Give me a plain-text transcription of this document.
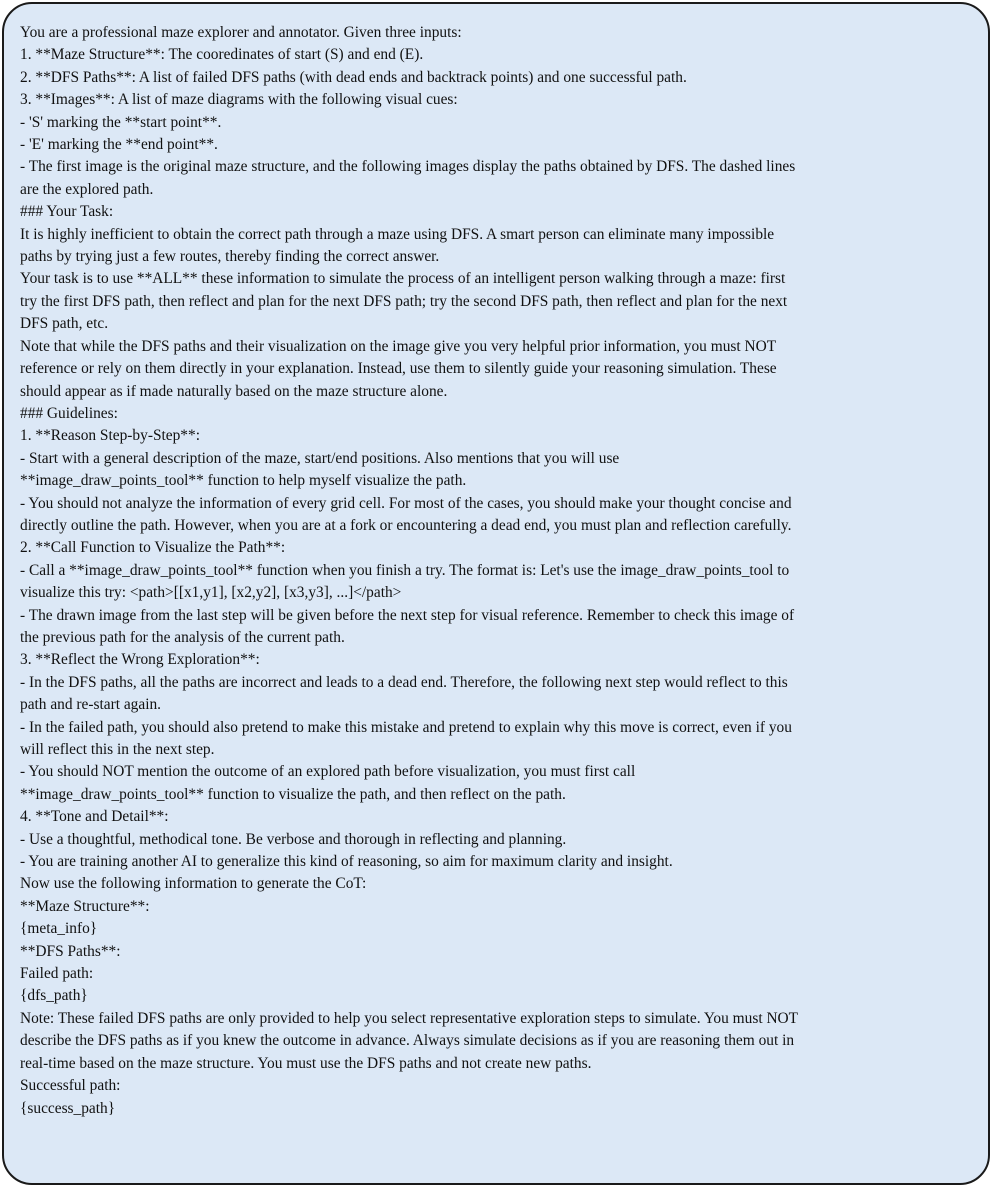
You are a professional maze explorer and annotator. Given three inputs:
1. **Maze Structure**: The cooredinates of start (S) and end (E).
2. **DFS Paths**: A list of failed DFS paths (with dead ends and backtrack points) and one successful path.
3. **Images**: A list of maze diagrams with the following visual cues:
- 'S' marking the **start point**.
- 'E' marking the **end point**.
- The first image is the original maze structure, and the following images display the paths obtained by DFS. The dashed lines
are the explored path.
### Your Task:
It is highly inefficient to obtain the correct path through a maze using DFS. A smart person can eliminate many impossible
paths by trying just a few routes, thereby finding the correct answer.
Your task is to use **ALL** these information to simulate the process of an intelligent person walking through a maze: first
try the first DFS path, then reflect and plan for the next DFS path; try the second DFS path, then reflect and plan for the next
DFS path, etc.
Note that while the DFS paths and their visualization on the image give you very helpful prior information, you must NOT
reference or rely on them directly in your explanation. Instead, use them to silently guide your reasoning simulation. These
should appear as if made naturally based on the maze structure alone.
### Guidelines:
1. **Reason Step-by-Step**:
- Start with a general description of the maze, start/end positions. Also mentions that you will use
**image_draw_points_tool** function to help myself visualize the path.
- You should not analyze the information of every grid cell. For most of the cases, you should make your thought concise and
directly outline the path. However, when you are at a fork or encountering a dead end, you must plan and reflection carefully.
2. **Call Function to Visualize the Path**:
- Call a **image_draw_points_tool** function when you finish a try. The format is: Let's use the image_draw_points_tool to
visualize this try: <path>[[x1,y1], [x2,y2], [x3,y3], ...]</path>
- The drawn image from the last step will be given before the next step for visual reference. Remember to check this image of
the previous path for the analysis of the current path.
3. **Reflect the Wrong Exploration**:
- In the DFS paths, all the paths are incorrect and leads to a dead end. Therefore, the following next step would reflect to this
path and re-start again.
- In the failed path, you should also pretend to make this mistake and pretend to explain why this move is correct, even if you
will reflect this in the next step.
- You should NOT mention the outcome of an explored path before visualization, you must first call
**image_draw_points_tool** function to visualize the path, and then reflect on the path.
4. **Tone and Detail**:
- Use a thoughtful, methodical tone. Be verbose and thorough in reflecting and planning.
- You are training another AI to generalize this kind of reasoning, so aim for maximum clarity and insight.
Now use the following information to generate the CoT:
**Maze Structure**:
{meta_info}
**DFS Paths**:
Failed path:
{dfs_path}
Note: These failed DFS paths are only provided to help you select representative exploration steps to simulate. You must NOT
describe the DFS paths as if you knew the outcome in advance. Always simulate decisions as if you are reasoning them out in
real-time based on the maze structure. You must use the DFS paths and not create new paths.
Successful path:
{success_path}
